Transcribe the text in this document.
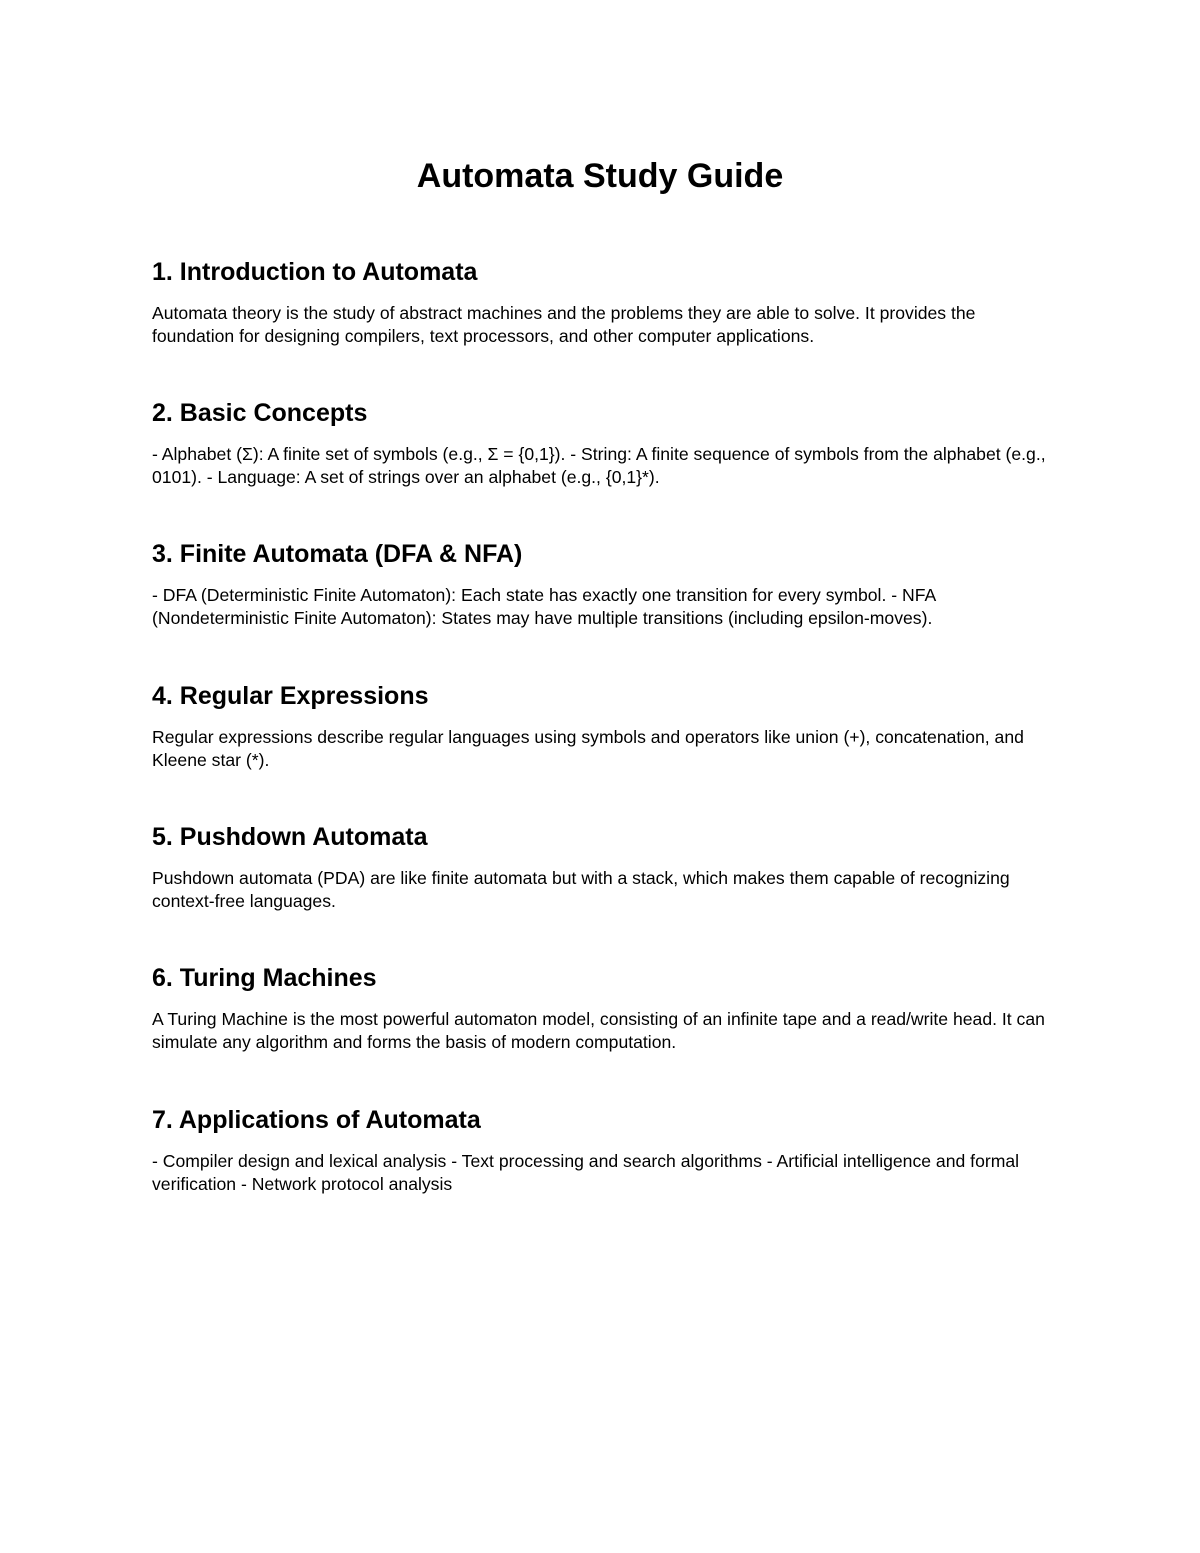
Automata Study Guide
1. Introduction to Automata

Automata theory is the study of abstract machines and the problems they are able to solve. It provides the foundation for designing compilers, text processors, and other computer applications.

2. Basic Concepts

- Alphabet (Σ): A finite set of symbols (e.g., Σ = {0,1}). - String: A finite sequence of symbols from the alphabet (e.g., 0101). - Language: A set of strings over an alphabet (e.g., {0,1}*).

3. Finite Automata (DFA & NFA)

- DFA (Deterministic Finite Automaton): Each state has exactly one transition for every symbol. - NFA (Nondeterministic Finite Automaton): States may have multiple transitions (including epsilon-moves).

4. Regular Expressions

Regular expressions describe regular languages using symbols and operators like union (+), concatenation, and Kleene star (*).

5. Pushdown Automata

Pushdown automata (PDA) are like finite automata but with a stack, which makes them capable of recognizing context-free languages.

6. Turing Machines

A Turing Machine is the most powerful automaton model, consisting of an infinite tape and a read/write head. It can simulate any algorithm and forms the basis of modern computation.

7. Applications of Automata

- Compiler design and lexical analysis - Text processing and search algorithms - Artificial intelligence and formal verification - Network protocol analysis
